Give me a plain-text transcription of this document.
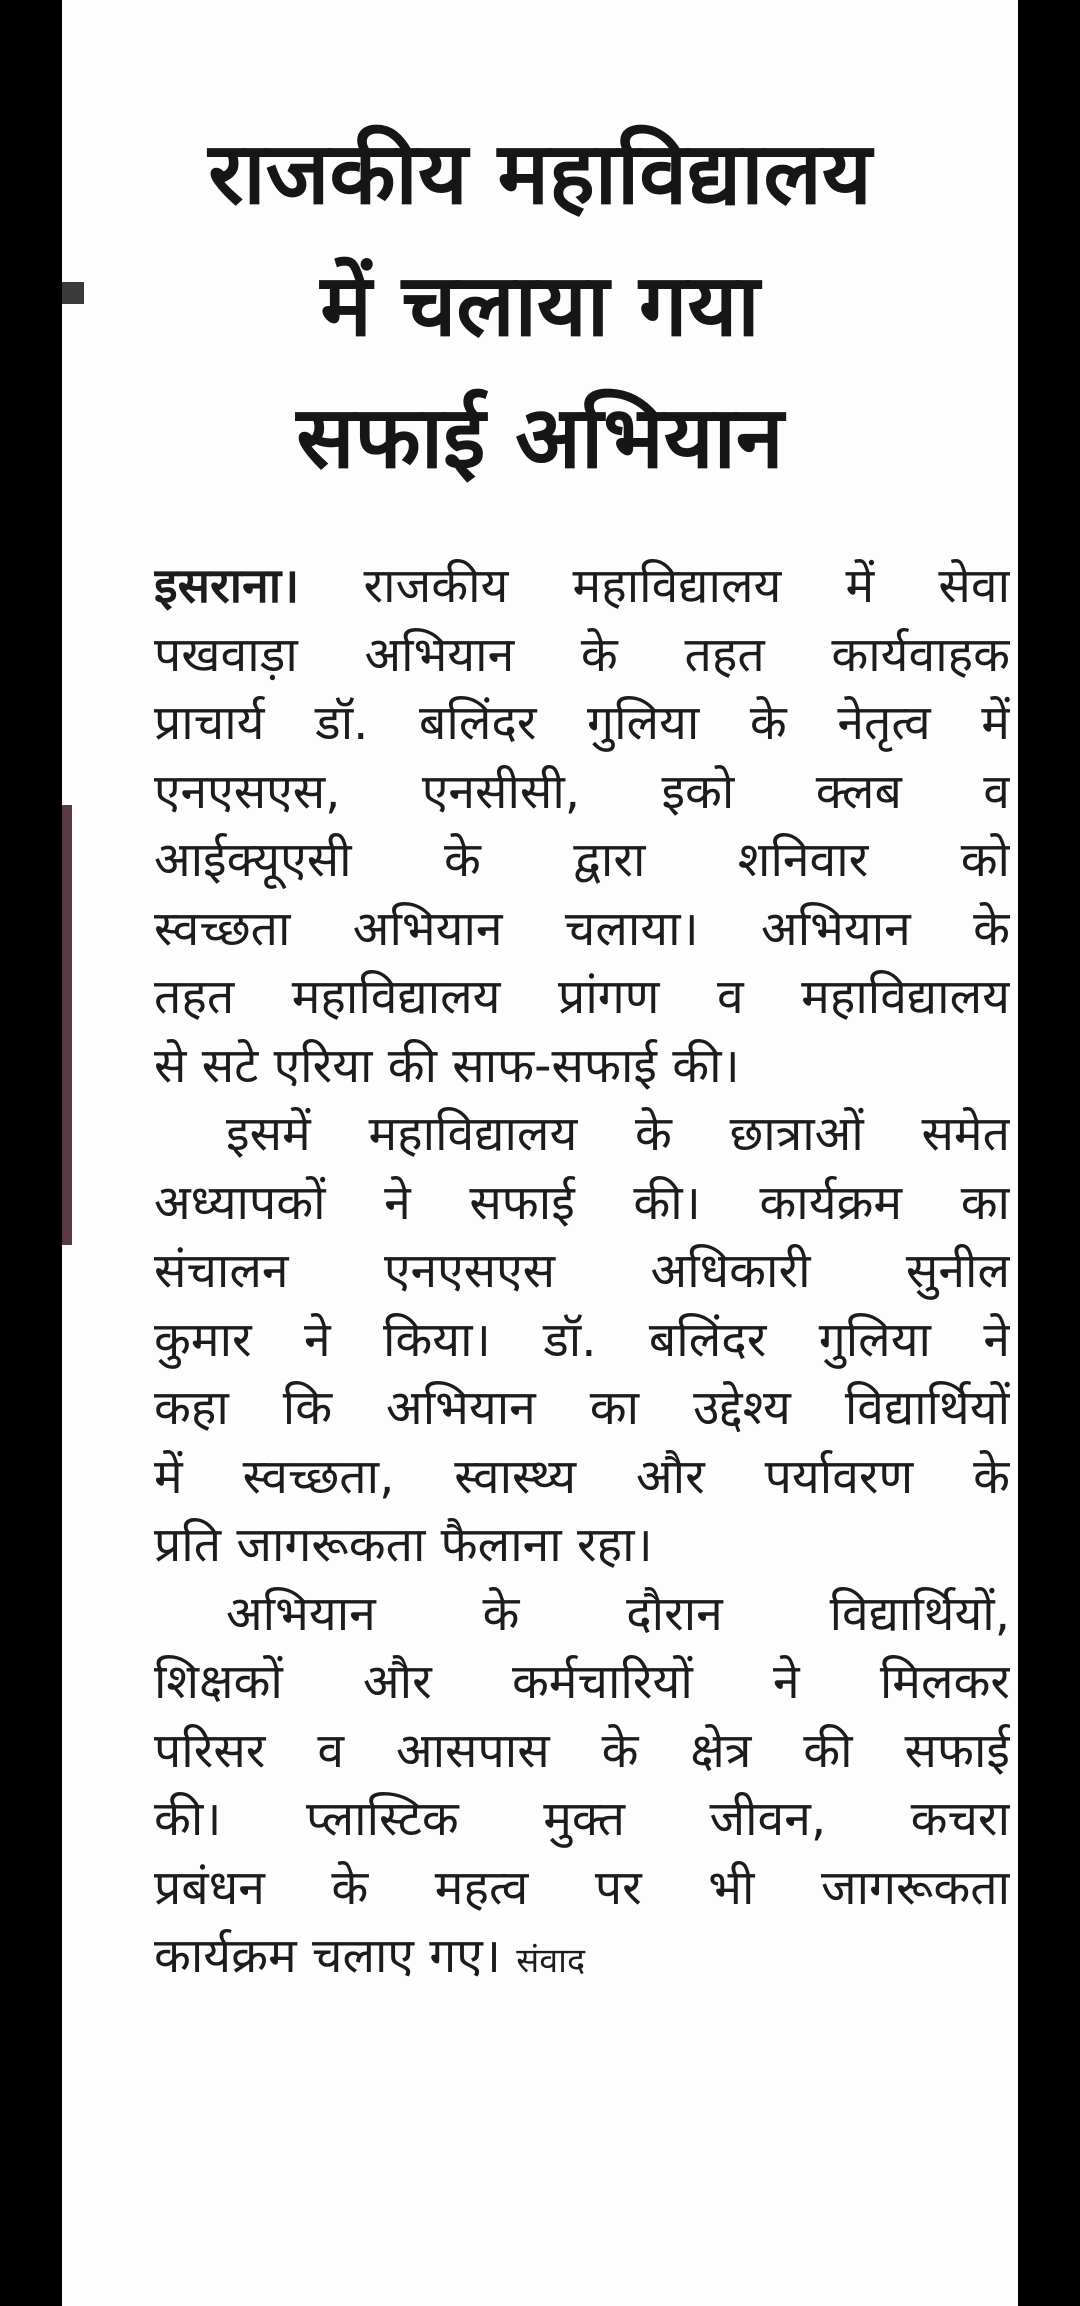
राजकीय महाविद्यालय
में चलाया गया
सफाई अभियान
इसराना। राजकीय महाविद्यालय में सेवा
पखवाड़ा अभियान के तहत कार्यवाहक
प्राचार्य डॉ. बलिंदर गुलिया के नेतृत्व में
एनएसएस, एनसीसी, इको क्लब व
आईक्यूएसी के द्वारा शनिवार को
स्वच्छता अभियान चलाया। अभियान के
तहत महाविद्यालय प्रांगण व महाविद्यालय
से सटे एरिया की साफ-सफाई की।
इसमें महाविद्यालय के छात्राओं समेत
अध्यापकों ने सफाई की। कार्यक्रम का
संचालन एनएसएस अधिकारी सुनील
कुमार ने किया। डॉ. बलिंदर गुलिया ने
कहा कि अभियान का उद्देश्य विद्यार्थियों
में स्वच्छता, स्वास्थ्य और पर्यावरण के
प्रति जागरूकता फैलाना रहा।
अभियान के दौरान विद्यार्थियों,
शिक्षकों और कर्मचारियों ने मिलकर
परिसर व आसपास के क्षेत्र की सफाई
की। प्लास्टिक मुक्त जीवन, कचरा
प्रबंधन के महत्व पर भी जागरूकता
कार्यक्रम चलाए गए। संवाद
